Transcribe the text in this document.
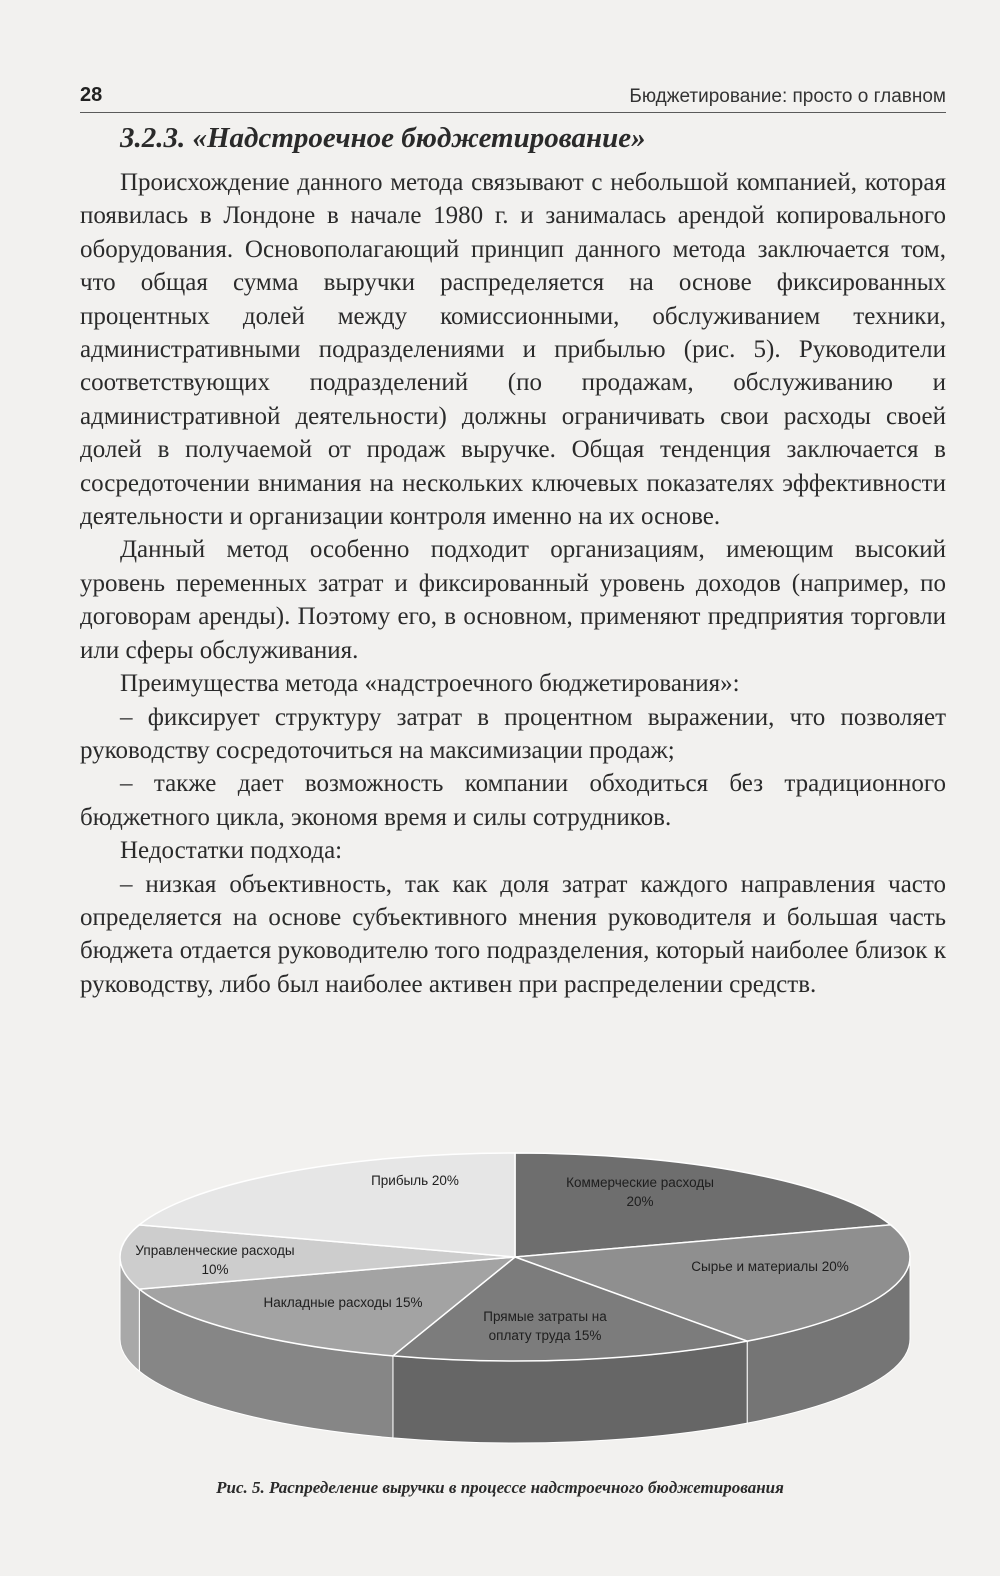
28	Бюджетирование: просто о главном
3.2.3. «Надстроечное бюджетирование»

Происхождение данного метода связывают с небольшой компанией, которая появилась в Лондоне в начале 1980 г. и занималась арендой копировального оборудования. Основополагающий принцип данного метода заключается том, что общая сумма выручки распределяется на основе фиксированных процентных долей между комиссионными, обслуживанием техники, административными подразделениями и прибылью (рис. 5). Руководители соответствующих подразделений (по продажам, обслуживанию и административной деятельности) должны ограничивать свои расходы своей долей в получаемой от продаж выручке. Общая тенденция заключается в сосредоточении внимания на нескольких ключевых показателях эффективности деятельности и организации контроля именно на их основе.

Данный метод особенно подходит организациям, имеющим высокий уровень переменных затрат и фиксированный уровень доходов (например, по договорам аренды). Поэтому его, в основном, применяют предприятия торговли или сферы обслуживания.

Преимущества метода «надстроечного бюджетирования»:

– фиксирует структуру затрат в процентном выражении, что позволяет руководству сосредоточиться на максимизации продаж;

– также дает возможность компании обходиться без традиционного бюджетного цикла, экономя время и силы сотрудников.

Недостатки подхода:

– низкая объективность, так как доля затрат каждого направления часто определяется на основе субъективного мнения руководителя и бoльшая часть бюджета отдается руководителю того подразделения, который наиболее близок к руководству, либо был наиболее активен при распределении средств.

Коммерческие расходы 20%
Сырье и материалы 20%
Прямые затраты на оплату труда 15%
Накладные расходы 15%
Управленческие расходы 10%
Прибыль 20%
Рис. 5. Распределение выручки в процессе надстроечного бюджетирования
